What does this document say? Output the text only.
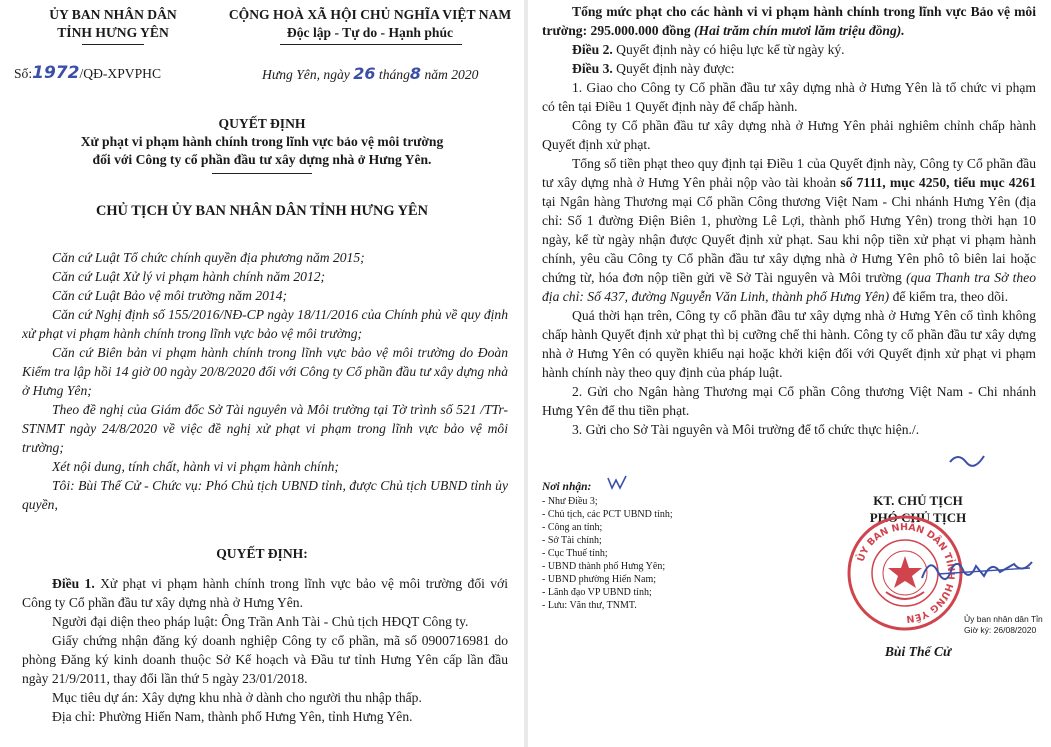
ỦY BAN NHÂN DÂN
TỈNH HƯNG YÊN
CỘNG HOÀ XÃ HỘI CHỦ NGHĨA VIỆT NAM
Độc lập - Tự do - Hạnh phúc
Số:1972/QĐ-XPVPHC	Hưng Yên, ngày 26 tháng8 năm 2020
QUYẾT ĐỊNH
Xử phạt vi phạm hành chính trong lĩnh vực bảo vệ môi trường
đối với Công ty cổ phần đầu tư xây dựng nhà ở Hưng Yên.
CHỦ TỊCH ỦY BAN NHÂN DÂN TỈNH HƯNG YÊN
Căn cứ Luật Tổ chức chính quyền địa phương năm 2015;
Căn cứ Luật Xử lý vi phạm hành chính năm 2012;
Căn cứ Luật Bảo vệ môi trường năm 2014;
Căn cứ Nghị định số 155/2016/NĐ-CP ngày 18/11/2016 của Chính phủ về quy định xử phạt vi phạm hành chính trong lĩnh vực bảo vệ môi trường;
Căn cứ Biên bản vi phạm hành chính trong lĩnh vực bảo vệ môi trường do Đoàn Kiểm tra lập hồi 14 giờ 00 ngày 20/8/2020 đối với Công ty Cổ phần đầu tư xây dựng nhà ở Hưng Yên;
Theo đề nghị của Giám đốc Sở Tài nguyên và Môi trường tại Tờ trình số 521 /TTr-STNMT ngày 24/8/2020 về việc đề nghị xử phạt vi phạm trong lĩnh vực bảo vệ môi trường;
Xét nội dung, tính chất, hành vi vi phạm hành chính;
Tôi: Bùi Thế Cử - Chức vụ: Phó Chủ tịch UBND tỉnh, được Chủ tịch UBND tỉnh ủy quyền,
QUYẾT ĐỊNH:
Điều 1. Xử phạt vi phạm hành chính trong lĩnh vực bảo vệ môi trường đối với Công ty Cổ phần đầu tư xây dựng nhà ở Hưng Yên.
Người đại diện theo pháp luật: Ông Trần Anh Tài - Chủ tịch HĐQT Công ty.
Giấy chứng nhận đăng ký doanh nghiệp Công ty cổ phần, mã số 0900716981 do phòng Đăng ký kinh doanh thuộc Sở Kế hoạch và Đầu tư tỉnh Hưng Yên cấp lần đầu ngày 21/9/2011, thay đổi lần thứ 5 ngày 23/01/2018.
Mục tiêu dự án: Xây dựng khu nhà ở dành cho người thu nhập thấp.
Địa chỉ: Phường Hiến Nam, thành phố Hưng Yên, tỉnh Hưng Yên.
Tổng mức phạt cho các hành vi vi phạm hành chính trong lĩnh vực Bảo vệ môi trường: 295.000.000 đồng (Hai trăm chín mươi lăm triệu đồng).
Điều 2. Quyết định này có hiệu lực kể từ ngày ký.
Điều 3. Quyết định này được:
1. Giao cho Công ty Cổ phần đầu tư xây dựng nhà ở Hưng Yên là tổ chức vi phạm có tên tại Điều 1 Quyết định này để chấp hành.
Công ty Cổ phần đầu tư xây dựng nhà ở Hưng Yên phải nghiêm chỉnh chấp hành Quyết định xử phạt.
Tổng số tiền phạt theo quy định tại Điều 1 của Quyết định này, Công ty Cổ phần đầu tư xây dựng nhà ở Hưng Yên phải nộp vào tài khoản số 7111, mục 4250, tiểu mục 4261 tại Ngân hàng Thương mại Cổ phần Công thương Việt Nam - Chi nhánh Hưng Yên (địa chỉ: Số 1 đường Điện Biên 1, phường Lê Lợi, thành phố Hưng Yên) trong thời hạn 10 ngày, kể từ ngày nhận được Quyết định xử phạt. Sau khi nộp tiền xử phạt vi phạm hành chính, yêu cầu Công ty Cổ phần đầu tư xây dựng nhà ở Hưng Yên phô tô biên lai hoặc chứng từ, hóa đơn nộp tiền gửi về Sở Tài nguyên và Môi trường (qua Thanh tra Sở theo địa chỉ: Số 437, đường Nguyễn Văn Linh, thành phố Hưng Yên) để kiểm tra, theo dõi.
Quá thời hạn trên, Công ty cổ phần đầu tư xây dựng nhà ở Hưng Yên cố tình không chấp hành Quyết định xử phạt thì bị cưỡng chế thi hành. Công ty cổ phần đầu tư xây dựng nhà ở Hưng Yên có quyền khiếu nại hoặc khởi kiện đối với Quyết định xử phạt vi phạm hành chính này theo quy định của pháp luật.
2. Gửi cho Ngân hàng Thương mại Cổ phần Công thương Việt Nam - Chi nhánh Hưng Yên để thu tiền phạt.
3. Gửi cho Sở Tài nguyên và Môi trường để tổ chức thực hiện./.
Nơi nhận:
- Như Điều 3;
- Chủ tịch, các PCT UBND tỉnh;
- Công an tỉnh;
- Sở Tài chính;
- Cục Thuế tỉnh;
- UBND thành phố Hưng Yên;
- UBND phường Hiến Nam;
- Lãnh đạo VP UBND tỉnh;
- Lưu: Văn thư, TNMT.
KT. CHỦ TỊCH
PHÓ CHỦ TỊCH
ỦY BAN NHÂN DÂN TỈNH HƯNG YÊN	Ủy ban nhân dân Tỉn
Giờ ký: 26/08/2020
Bùi Thế Cử
